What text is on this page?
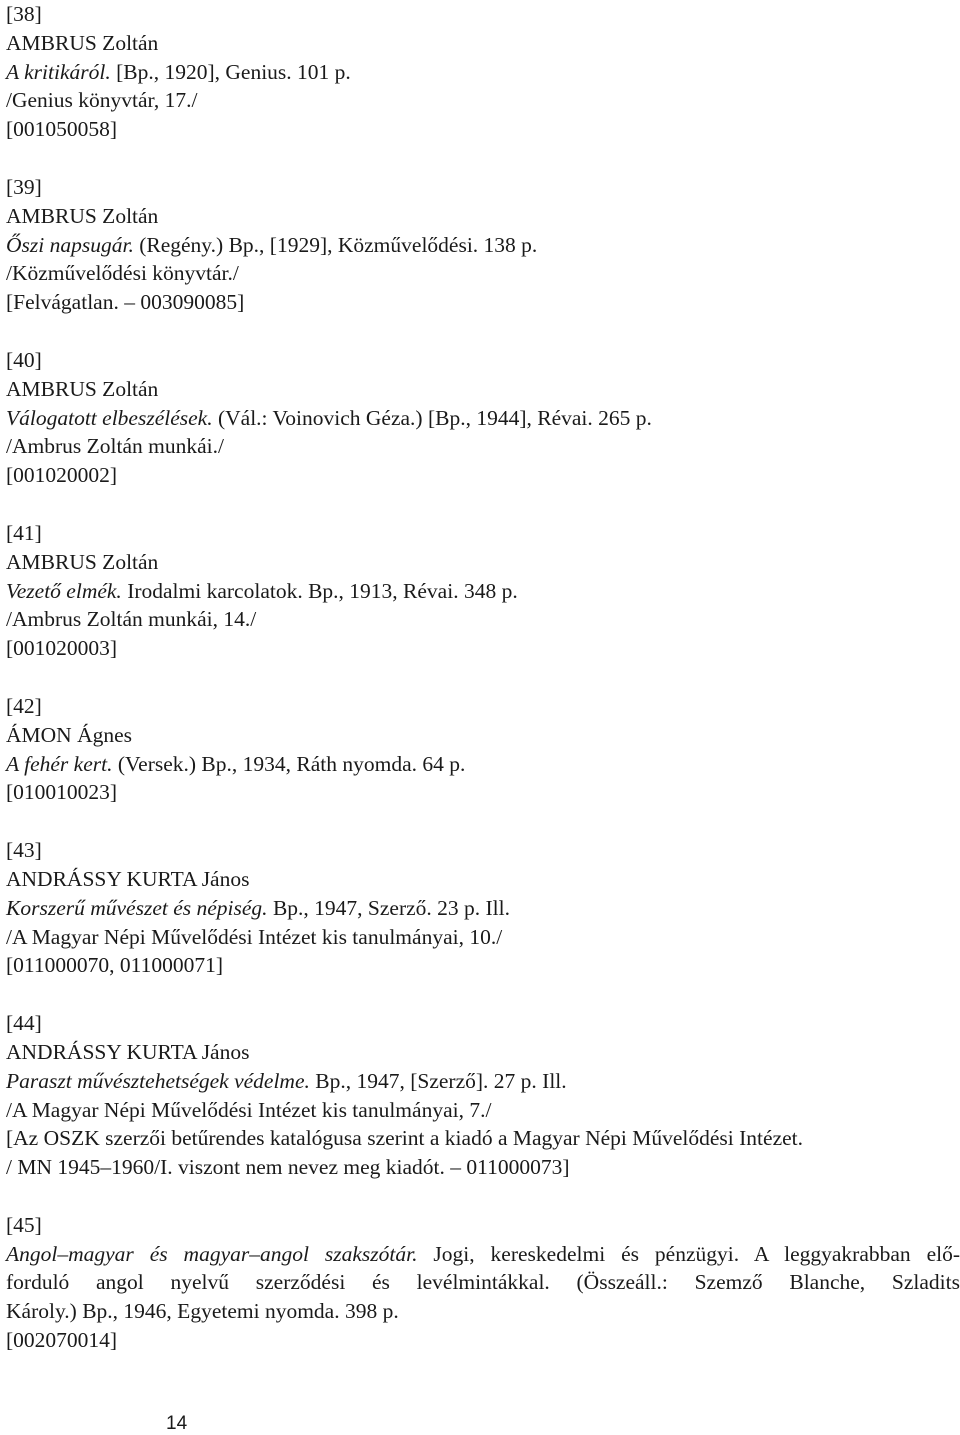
[38]
AMBRUS Zoltán
A kritikáról. [Bp., 1920], Genius. 101 p.
/Genius könyvtár, 17./
[001050058]
[39]
AMBRUS Zoltán
Őszi napsugár. (Regény.) Bp., [1929], Közművelődési. 138 p.
/Közművelődési könyvtár./
[Felvágatlan. – 003090085]
[40]
AMBRUS Zoltán
Válogatott elbeszélések. (Vál.: Voinovich Géza.) [Bp., 1944], Révai. 265 p.
/Ambrus Zoltán munkái./
[001020002]
[41]
AMBRUS Zoltán
Vezető elmék. Irodalmi karcolatok. Bp., 1913, Révai. 348 p.
/Ambrus Zoltán munkái, 14./
[001020003]
[42]
ÁMON Ágnes
A fehér kert. (Versek.) Bp., 1934, Ráth nyomda. 64 p.
[010010023]
[43]
ANDRÁSSY KURTA János
Korszerű művészet és népiség. Bp., 1947, Szerző. 23 p. Ill.
/A Magyar Népi Művelődési Intézet kis tanulmányai, 10./
[011000070, 011000071]
[44]
ANDRÁSSY KURTA János
Paraszt művésztehetségek védelme. Bp., 1947, [Szerző]. 27 p. Ill.
/A Magyar Népi Művelődési Intézet kis tanulmányai, 7./
[Az OSZK szerzői betűrendes katalógusa szerint a kiadó a Magyar Népi Művelődési Intézet.
/ MN 1945–1960/I. viszont nem nevez meg kiadót. – 011000073]
[45]
Angol–magyar és magyar–angol szakszótár. Jogi, kereskedelmi és pénzügyi. A leggyakrabban elő-
forduló angol nyelvű szerződési és levélmintákkal. (Összeáll.: Szemző Blanche, Szladits
Károly.) Bp., 1946, Egyetemi nyomda. 398 p.
[002070014]
14
